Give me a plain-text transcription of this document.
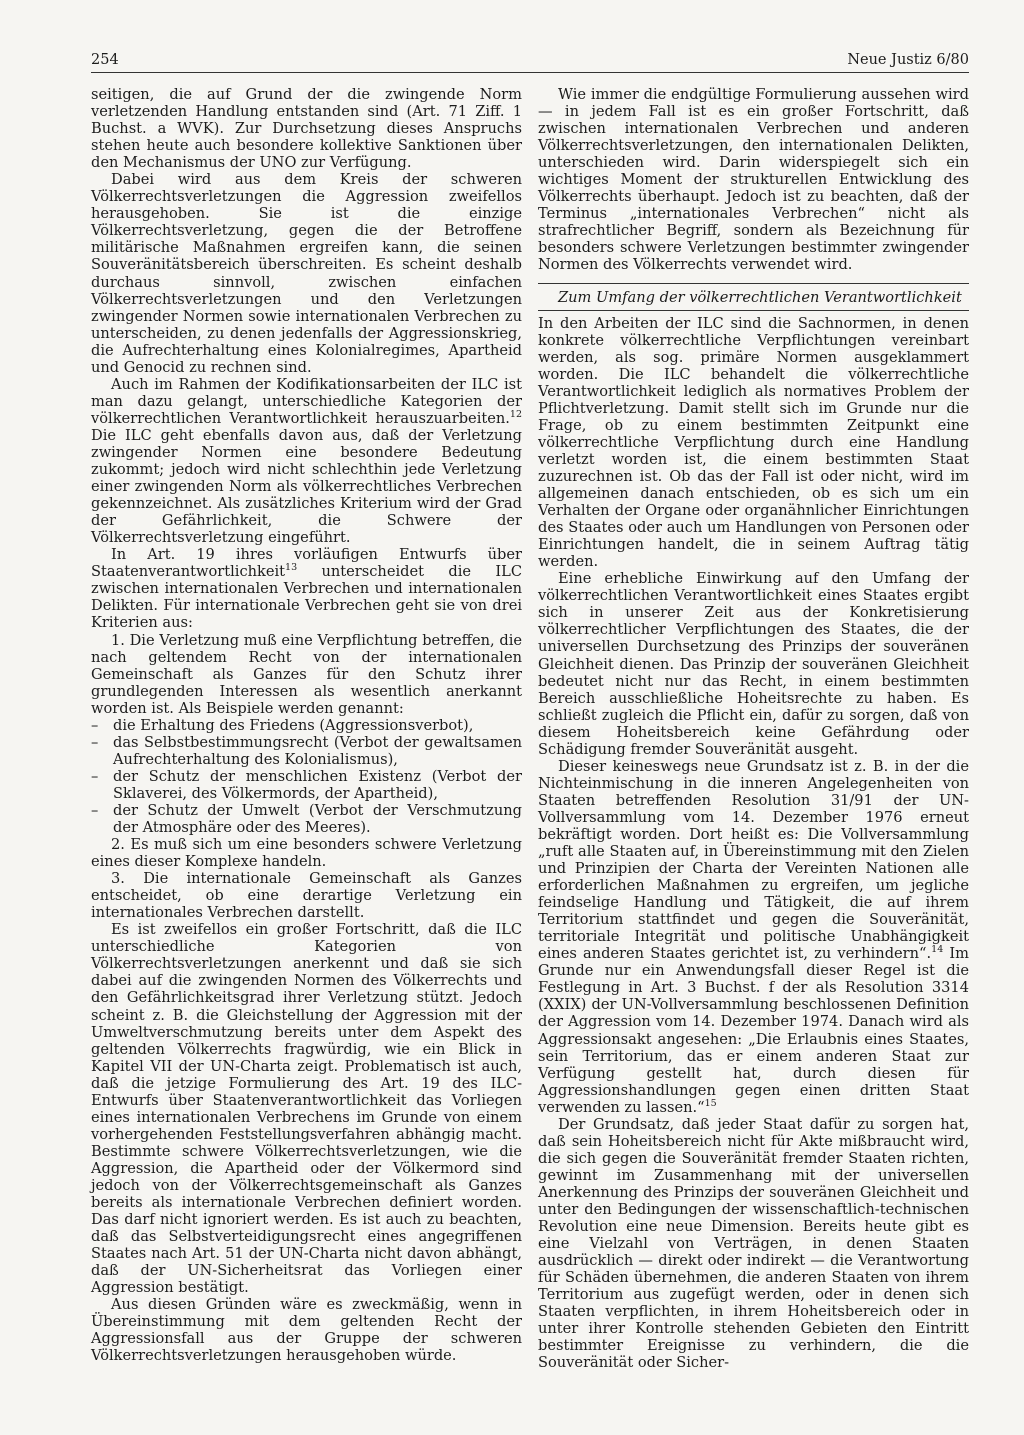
254	Neue Justiz 6/80

seitigen, die auf Grund der die zwingende Norm verletzenden Handlung entstanden sind (Art. 71 Ziff. 1 Buchst. a WVK). Zur Durchsetzung dieses Anspruchs stehen heute auch besondere kollektive Sanktionen über den Mechanismus der UNO zur Verfügung.

Dabei wird aus dem Kreis der schweren Völkerrechtsverletzungen die Aggression zweifellos herausgehoben. Sie ist die einzige Völkerrechtsverletzung, gegen die der Betroffene militärische Maßnahmen ergreifen kann, die seinen Souveränitätsbereich überschreiten. Es scheint deshalb durchaus sinnvoll, zwischen einfachen Völkerrechtsverletzungen und den Verletzungen zwingender Normen sowie internationalen Verbrechen zu unterscheiden, zu denen jedenfalls der Aggressionskrieg, die Aufrechterhaltung eines Kolonialregimes, Apartheid und Genocid zu rechnen sind.

Auch im Rahmen der Kodifikationsarbeiten der ILC ist man dazu gelangt, unterschiedliche Kategorien der völkerrechtlichen Verantwortlichkeit herauszuarbeiten.$^{12}$ Die ILC geht ebenfalls davon aus, daß der Verletzung zwingender Normen eine besondere Bedeutung zukommt; jedoch wird nicht schlechthin jede Verletzung einer zwingenden Norm als völkerrechtliches Verbrechen gekennzeichnet. Als zusätzliches Kriterium wird der Grad der Gefährlichkeit, die Schwere der Völkerrechtsverletzung eingeführt.

In Art. 19 ihres vorläufigen Entwurfs über Staatenverantwortlichkeit$^{13}$ unterscheidet die ILC zwischen internationalen Verbrechen und internationalen Delikten. Für internationale Verbrechen geht sie von drei Kriterien aus:

1. Die Verletzung muß eine Verpflichtung betreffen, die nach geltendem Recht von der internationalen Gemeinschaft als Ganzes für den Schutz ihrer grundlegenden Interessen als wesentlich anerkannt worden ist. Als Beispiele werden genannt:

– die Erhaltung des Friedens (Aggressionsverbot),
– das Selbstbestimmungsrecht (Verbot der gewaltsamen Aufrechterhaltung des Kolonialismus),
– der Schutz der menschlichen Existenz (Verbot der Sklaverei, des Völkermords, der Apartheid),
– der Schutz der Umwelt (Verbot der Verschmutzung der Atmosphäre oder des Meeres).

2. Es muß sich um eine besonders schwere Verletzung eines dieser Komplexe handeln.

3. Die internationale Gemeinschaft als Ganzes entscheidet, ob eine derartige Verletzung ein internationales Verbrechen darstellt.

Es ist zweifellos ein großer Fortschritt, daß die ILC unterschiedliche Kategorien von Völkerrechtsverletzungen anerkennt und daß sie sich dabei auf die zwingenden Normen des Völkerrechts und den Gefährlichkeitsgrad ihrer Verletzung stützt. Jedoch scheint z. B. die Gleichstellung der Aggression mit der Umweltverschmutzung bereits unter dem Aspekt des geltenden Völkerrechts fragwürdig, wie ein Blick in Kapitel VII der UN-Charta zeigt. Problematisch ist auch, daß die jetzige Formulierung des Art. 19 des ILC-Entwurfs über Staatenverantwortlichkeit das Vorliegen eines internationalen Verbrechens im Grunde von einem vorhergehenden Feststellungsverfahren abhängig macht. Bestimmte schwere Völkerrechtsverletzungen, wie die Aggression, die Apartheid oder der Völkermord sind jedoch von der Völkerrechtsgemeinschaft als Ganzes bereits als internationale Verbrechen definiert worden. Das darf nicht ignoriert werden. Es ist auch zu beachten, daß das Selbstverteidigungsrecht eines angegriffenen Staates nach Art. 51 der UN-Charta nicht davon abhängt, daß der UN-Sicherheitsrat das Vorliegen einer Aggression bestätigt.

Aus diesen Gründen wäre es zweckmäßig, wenn in Übereinstimmung mit dem geltenden Recht der Aggressionsfall aus der Gruppe der schweren Völkerrechtsverletzungen herausgehoben würde.

Wie immer die endgültige Formulierung aussehen wird — in jedem Fall ist es ein großer Fortschritt, daß zwischen internationalen Verbrechen und anderen Völkerrechtsverletzungen, den internationalen Delikten, unterschieden wird. Darin widerspiegelt sich ein wichtiges Moment der strukturellen Entwicklung des Völkerrechts überhaupt. Jedoch ist zu beachten, daß der Terminus „internationales Verbrechen“ nicht als strafrechtlicher Begriff, sondern als Bezeichnung für besonders schwere Verletzungen bestimmter zwingender Normen des Völkerrechts verwendet wird.

Zum Umfang der völkerrechtlichen Verantwortlichkeit

In den Arbeiten der ILC sind die Sachnormen, in denen konkrete völkerrechtliche Verpflichtungen vereinbart werden, als sog. primäre Normen ausgeklammert worden. Die ILC behandelt die völkerrechtliche Verantwortlichkeit lediglich als normatives Problem der Pflichtverletzung. Damit stellt sich im Grunde nur die Frage, ob zu einem bestimmten Zeitpunkt eine völkerrechtliche Verpflichtung durch eine Handlung verletzt worden ist, die einem bestimmten Staat zuzurechnen ist. Ob das der Fall ist oder nicht, wird im allgemeinen danach entschieden, ob es sich um ein Verhalten der Organe oder organähnlicher Einrichtungen des Staates oder auch um Handlungen von Personen oder Einrichtungen handelt, die in seinem Auftrag tätig werden.

Eine erhebliche Einwirkung auf den Umfang der völkerrechtlichen Verantwortlichkeit eines Staates ergibt sich in unserer Zeit aus der Konkretisierung völkerrechtlicher Verpflichtungen des Staates, die der universellen Durchsetzung des Prinzips der souveränen Gleichheit dienen. Das Prinzip der souveränen Gleichheit bedeutet nicht nur das Recht, in einem bestimmten Bereich ausschließliche Hoheitsrechte zu haben. Es schließt zugleich die Pflicht ein, dafür zu sorgen, daß von diesem Hoheitsbereich keine Gefährdung oder Schädigung fremder Souveränität ausgeht.

Dieser keineswegs neue Grundsatz ist z. B. in der die Nichteinmischung in die inneren Angelegenheiten von Staaten betreffenden Resolution 31/91 der UN-Vollversammlung vom 14. Dezember 1976 erneut bekräftigt worden. Dort heißt es: Die Vollversammlung „ruft alle Staaten auf, in Übereinstimmung mit den Zielen und Prinzipien der Charta der Vereinten Nationen alle erforderlichen Maßnahmen zu ergreifen, um jegliche feindselige Handlung und Tätigkeit, die auf ihrem Territorium stattfindet und gegen die Souveränität, territoriale Integrität und politische Unabhängigkeit eines anderen Staates gerichtet ist, zu verhindern“.$^{14}$ Im Grunde nur ein Anwendungsfall dieser Regel ist die Festlegung in Art. 3 Buchst. f der als Resolution 3314 (XXIX) der UN-Vollversammlung beschlossenen Definition der Aggression vom 14. Dezember 1974. Danach wird als Aggressionsakt angesehen: „Die Erlaubnis eines Staates, sein Territorium, das er einem anderen Staat zur Verfügung gestellt hat, durch diesen für Aggressionshandlungen gegen einen dritten Staat verwenden zu lassen.“$^{15}$

Der Grundsatz, daß jeder Staat dafür zu sorgen hat, daß sein Hoheitsbereich nicht für Akte mißbraucht wird, die sich gegen die Souveränität fremder Staaten richten, gewinnt im Zusammenhang mit der universellen Anerkennung des Prinzips der souveränen Gleichheit und unter den Bedingungen der wissenschaftlich-technischen Revolution eine neue Dimension. Bereits heute gibt es eine Vielzahl von Verträgen, in denen Staaten ausdrücklich — direkt oder indirekt — die Verantwortung für Schäden übernehmen, die anderen Staaten von ihrem Territorium aus zugefügt werden, oder in denen sich Staaten verpflichten, in ihrem Hoheitsbereich oder in unter ihrer Kontrolle stehenden Gebieten den Eintritt bestimmter Ereignisse zu verhindern, die die Souveränität oder Sicher-
